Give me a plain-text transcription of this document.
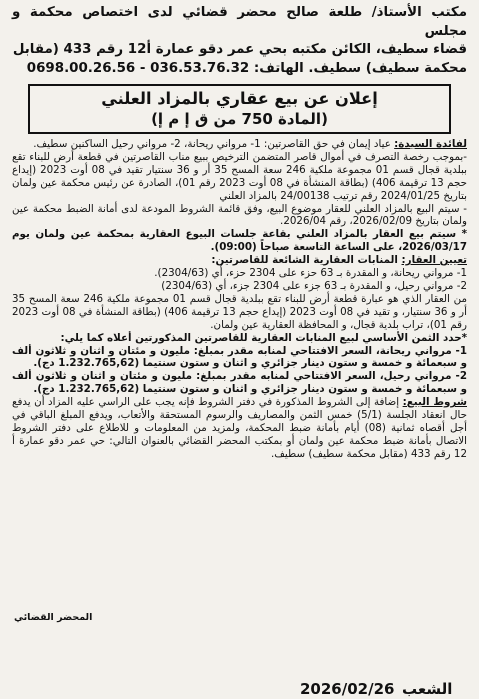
مكتب الأستاذ/ طلعة صالح محضر قضائي لدى اختصاص محكمة و مجلس
قضاء سطيف، الكائن مكتبه بحي عمر دقو عمارة أ12 رقم 433 (مقابل
محكمة سطيف) سطيف. الهاتف: 036.53.76.32 - 0698.00.26.56
إعلان عن بيع عقاري بالمزاد العلني
(المادة 750 من ق إ م إ)

لفائدة السيدة: عياد إيمان في حق القاصرتين: 1- مرواني ريحانة، 2- مرواني رحيل الساكنين سطيف.

-بموجب رخصة التصرف في أموال قاصر المتضمن الترخيص ببيع مناب القاصرتين في قطعة أرض للبناء تقع ببلدية قجال قسم 01 مجموعة ملكية 246 سعة المسح 35 أر و 36 سنتيار تقيد في 08 أوت 2023 (إيداع حجم 13 ترقيمة 406) (بطاقة المنشأة في 08 أوت 2023 رقم 01)، الصادرة عن رئيس محكمة عين ولمان بتاريخ 2024/01/25 رقم ترتيب 24/00138 بالمزاد العلني

- سيتم البيع بالمزاد العلني للعقار موضوع البيع، وفق قائمة الشروط المودعة لدى أمانة الضبط محكمة عين ولمان بتاريخ 2026/02/09، رقم 2026/04.

* سيتم بيع العقار بالمزاد العلني بقاعة جلسات البيوع العقارية بمحكمة عين ولمان يوم 2026/03/17، على الساعة التاسعة صباحاً (09:00).

تعيين العقار: المنابات العقارية الشائعة للقاصرتين:

1- مرواني ريحانة، و المقدرة بـ 63 حزء على 2304 حزء، أي (2304/63).

2- مرواني رحيل، و المقدرة بـ 63 جزء على 2304 جزء، أي (2304/63)

من العقار الذي هو عبارة قطعة أرض للبناء تقع ببلدية قجال قسم 01 مجموعة ملكية 246 سعة المسح 35 أر و 36 سنتيار، و تقيد في 08 أوت 2023 (إيداع حجم 13 ترقيمة 406) (بطاقة المنشأة في 08 أوت 2023 رقم 01)، تراب بلدية قجال، و المحافظة العقارية عين ولمان.

*حدد الثمن الأساسي لبيع المنابات العقارية للقاصرتين المذكورتين أعلاه كما يلي:

1- مرواني ريحانة، السعر الافتتاحي لمنابه مقدر بمبلغ: مليون و مئتان و اثنان و ثلاثون ألف و سبعمائة و خمسة و ستون دينار جزائري و اثنان و ستون سنتيما (1.232.765,62 دج).

2- مرواني رحيل، السعر الافتتاحي لمنابه مقدر بمبلغ: مليون و مئتان و اثنان و ثلاثون ألف و سبعمائة و خمسة و ستون دينار جزائري و اثنان و ستون سنتيما (1.232.765,62 دج).

شروط البيع: إضافة إلى الشروط المذكورة في دفتر الشروط فإنه يجب على الراسي عليه المزاد أن يدفع حال انعقاد الجلسة (5/1) خمس الثمن والمصاريف والرسوم المستحقة والأتعاب، ويدفع المبلغ الباقي في أجل أقصاه ثمانية (08) أيام بأمانة ضبط المحكمة، ولمزيد من المعلومات و للاطلاع على دفتر الشروط الاتصال بأمانة ضبط محكمة عين ولمان أو بمكتب المحضر القضائي بالعنوان التالي: حي عمر دقو عمارة أ 12 رقم 433 (مقابل محكمة سطيف) سطيف.

المحضر القضائي
2026/02/26 الشعب
